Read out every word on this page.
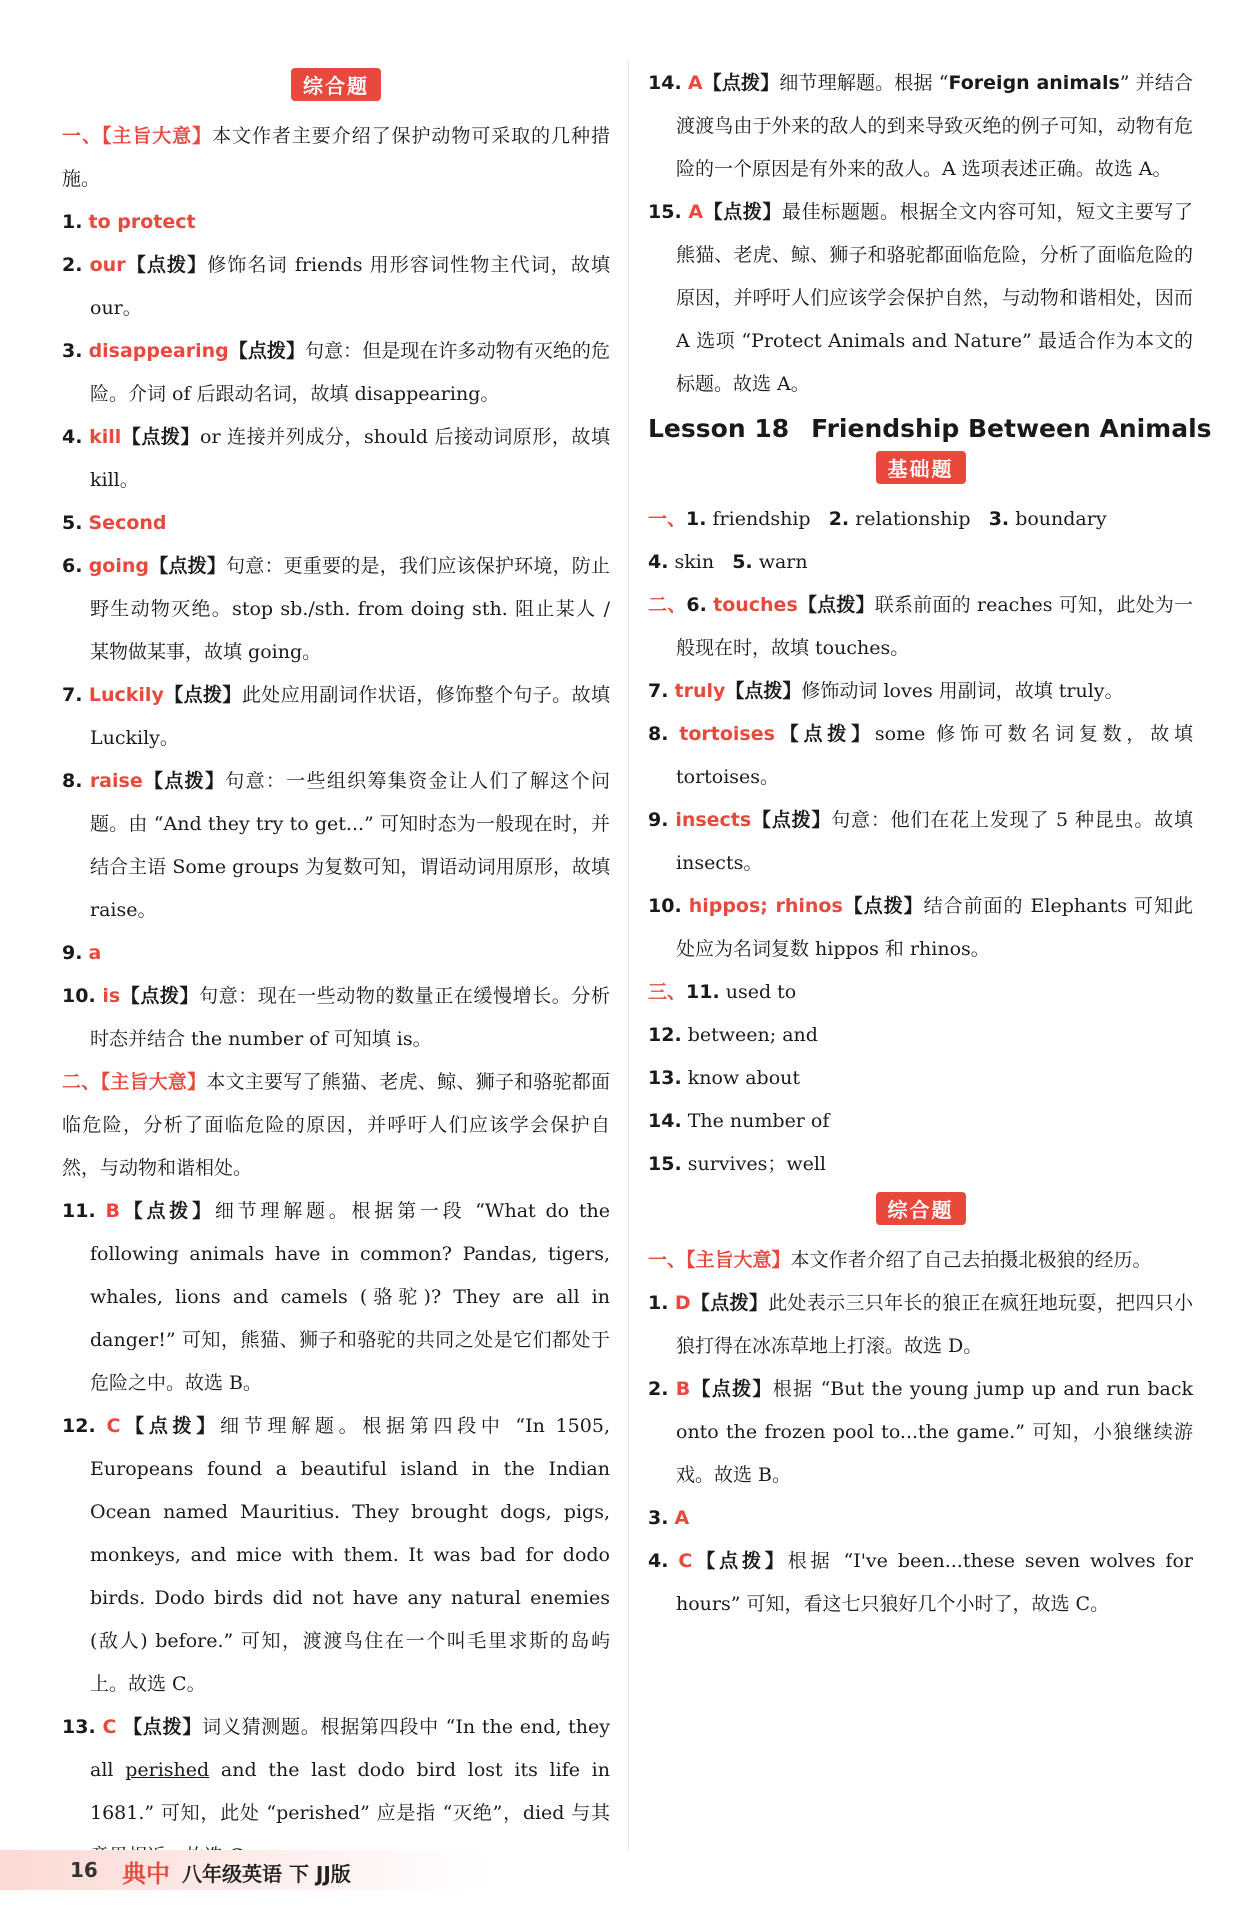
综合题
一、【主旨大意】本文作者主要介绍了保护动物可采取的几种措施。
1. to protect
2. our【点拨】修饰名词 friends 用形容词性物主代词，故填 our。
3. disappearing【点拨】句意：但是现在许多动物有灭绝的危险。介词 of 后跟动名词，故填 disappearing。
4. kill【点拨】or 连接并列成分，should 后接动词原形，故填 kill。
5. Second
6. going【点拨】句意：更重要的是，我们应该保护环境，防止野生动物灭绝。stop sb./sth. from doing sth. 阻止某人 / 某物做某事，故填 going。
7. Luckily【点拨】此处应用副词作状语，修饰整个句子。故填 Luckily。
8. raise【点拨】句意：一些组织筹集资金让人们了解这个问题。由 “And they try to get...” 可知时态为一般现在时，并结合主语 Some groups 为复数可知，谓语动词用原形，故填 raise。
9. a
10. is【点拨】句意：现在一些动物的数量正在缓慢增长。分析时态并结合 the number of 可知填 is。
二、【主旨大意】本文主要写了熊猫、老虎、鲸、狮子和骆驼都面临危险，分析了面临危险的原因，并呼吁人们应该学会保护自然，与动物和谐相处。
11. B【点拨】细节理解题。根据第一段 “What do the following animals have in common? Pandas, tigers, whales, lions and camels (骆驼)? They are all in danger!” 可知，熊猫、狮子和骆驼的共同之处是它们都处于危险之中。故选 B。
12. C【点拨】细节理解题。根据第四段中 “In 1505, Europeans found a beautiful island in the Indian Ocean named Mauritius. They brought dogs, pigs, monkeys, and mice with them. It was bad for dodo birds. Dodo birds did not have any natural enemies (敌人) before.” 可知，渡渡鸟住在一个叫毛里求斯的岛屿上。故选 C。
13. C 【点拨】词义猜测题。根据第四段中 “In the end, they all perished and the last dodo bird lost its life in 1681.” 可知，此处 “perished” 应是指 “灭绝”，died 与其
14. A【点拨】细节理解题。根据 “Foreign animals” 并结合渡渡鸟由于外来的敌人的到来导致灭绝的例子可知，动物有危险的一个原因是有外来的敌人。A 选项表述正确。故选 A。
15. A【点拨】最佳标题题。根据全文内容可知，短文主要写了熊猫、老虎、鲸、狮子和骆驼都面临危险，分析了面临危险的原因，并呼吁人们应该学会保护自然，与动物和谐相处，因而 A 选项 “Protect Animals and Nature” 最适合作为本文的标题。故选 A。
Lesson 18 Friendship Between Animals
基础题
一、1. friendship 2. relationship 3. boundary
4. skin 5. warn
二、6. touches【点拨】联系前面的 reaches 可知，此处为一般现在时，故填 touches。
7. truly【点拨】修饰动词 loves 用副词，故填 truly。
8. tortoises【点拨】some 修饰可数名词复数，故填 tortoises。
9. insects【点拨】句意：他们在花上发现了 5 种昆虫。故填 insects。
10. hippos; rhinos【点拨】结合前面的 Elephants 可知此处应为名词复数 hippos 和 rhinos。
三、11. used to
12. between; and
13. know about
14. The number of
15. survives；well
综合题
一、【主旨大意】本文作者介绍了自己去拍摄北极狼的经历。
1. D【点拨】此处表示三只年长的狼正在疯狂地玩耍，把四只小狼打得在冰冻草地上打滚。故选 D。
2. B【点拨】根据 “But the young jump up and run back onto the frozen pool to...the game.” 可知，小狼继续游戏。故选 B。
3. A
4. C【点拨】根据 “I've been...these seven wolves for hours” 可知，看这七只狼好几个小时了，故选 C。
16 典中 八年级英语 下 JJ版
